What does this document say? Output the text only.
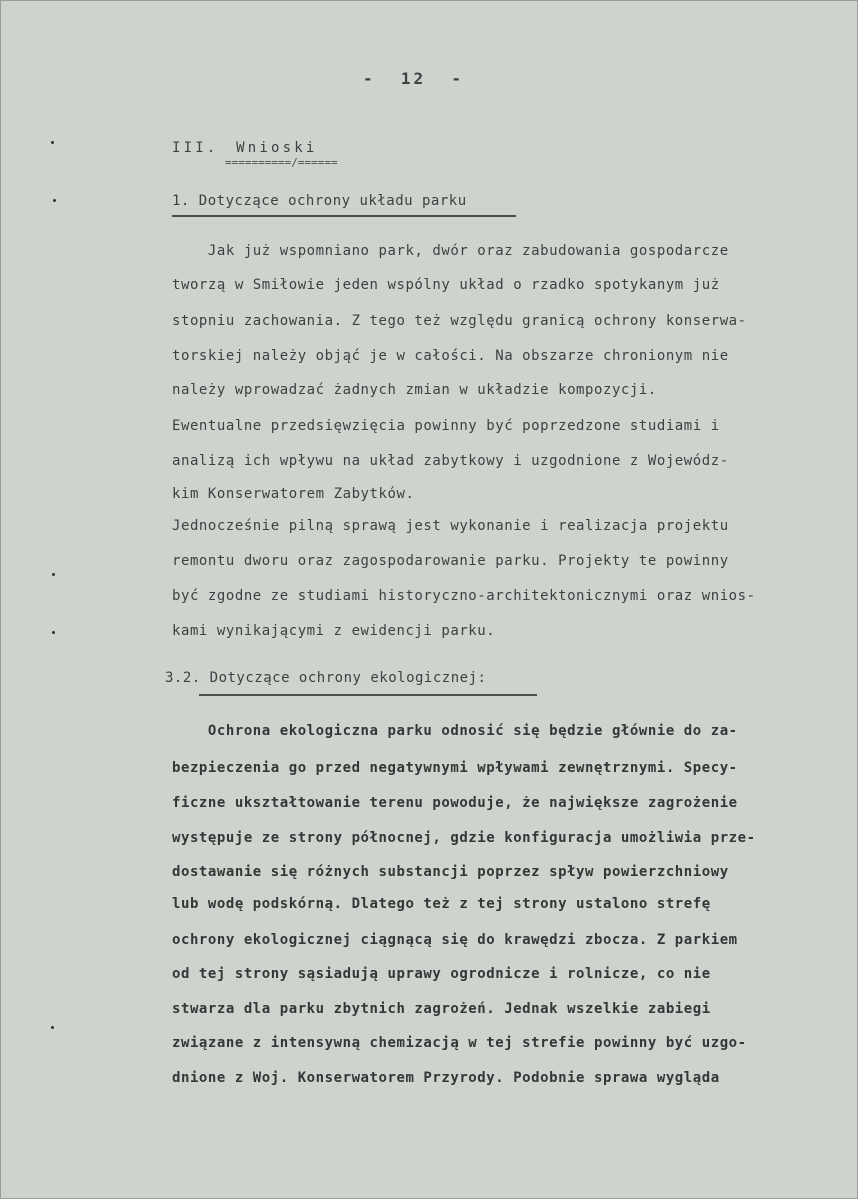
-  12  -
III. Wnioski
==========/======
1. Dotyczące ochrony układu parku
Jak już wspomniano park, dwór oraz zabudowania gospodarcze
tworzą w Smiłowie jeden wspólny układ o rzadko spotykanym już
stopniu zachowania. Z tego też względu granicą ochrony konserwa-
torskiej należy objąć je w całości. Na obszarze chronionym nie
należy wprowadzać żadnych zmian w układzie kompozycji.
Ewentualne przedsięwzięcia powinny być poprzedzone studiami i
analizą ich wpływu na układ zabytkowy i uzgodnione z Wojewódz-
kim Konserwatorem Zabytków.
Jednocześnie pilną sprawą jest wykonanie i realizacja projektu
remontu dworu oraz zagospodarowanie parku. Projekty te powinny
być zgodne ze studiami historyczno-architektonicznymi oraz wnios-
kami wynikającymi z ewidencji parku.
3.2. Dotyczące ochrony ekologicznej:
Ochrona ekologiczna parku odnosić się będzie głównie do za-
bezpieczenia go przed negatywnymi wpływami zewnętrznymi. Specy-
ficzne ukształtowanie terenu powoduje, że największe zagrożenie
występuje ze strony północnej, gdzie konfiguracja umożliwia prze-
dostawanie się różnych substancji poprzez spływ powierzchniowy
lub wodę podskórną. Dlatego też z tej strony ustalono strefę
ochrony ekologicznej ciągnącą się do krawędzi zbocza. Z parkiem
od tej strony sąsiadują uprawy ogrodnicze i rolnicze, co nie
stwarza dla parku zbytnich zagrożeń. Jednak wszelkie zabiegi
związane z intensywną chemizacją w tej strefie powinny być uzgo-
dnione z Woj. Konserwatorem Przyrody. Podobnie sprawa wygląda
